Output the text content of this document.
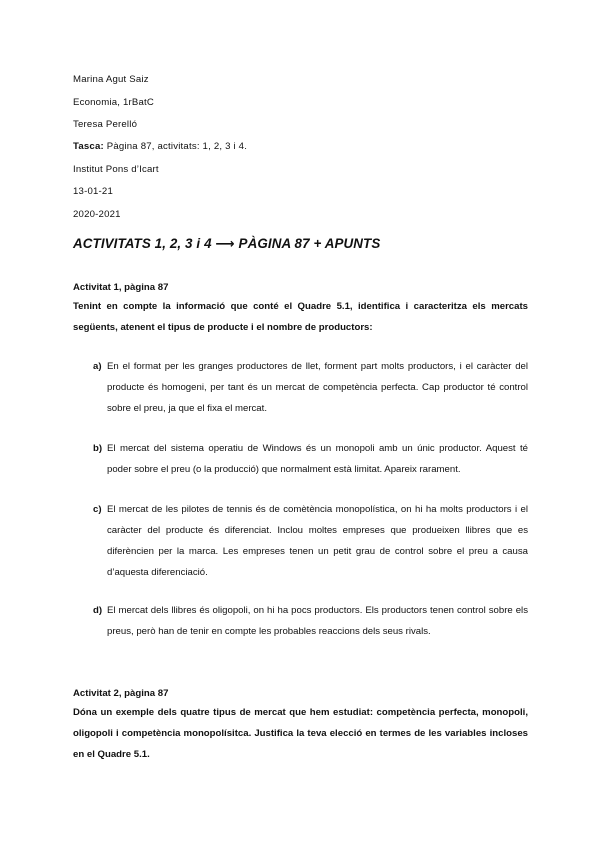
Marina Agut Saiz
Economia, 1rBatC
Teresa Perelló
Tasca: Pàgina 87, activitats: 1, 2, 3 i 4.
Institut Pons d’Icart
13-01-21
2020-2021
ACTIVITATS 1, 2, 3 i 4 ⟶ PÀGINA 87 + APUNTS
Activitat 1, pàgina 87
Tenint en compte la informació que conté el Quadre 5.1, identifica i caracteritza els mercats següents, atenent el tipus de producte i el nombre de productors:
a) En el format per les granges productores de llet, forment part molts productors, i el caràcter del producte és homogeni, per tant és un mercat de competència perfecta. Cap productor té control sobre el preu, ja que el fixa el mercat.
b) El mercat del sistema operatiu de Windows és un monopoli amb un únic productor. Aquest té poder sobre el preu (o la producció) que normalment està limitat. Apareix rarament.
c) El mercat de les pilotes de tennis és de comètència monopolística, on hi ha molts productors i el caràcter del producte és diferenciat. Inclou moltes empreses que produeixen llibres que es diferèncien per la marca. Les empreses tenen un petit grau de control sobre el preu a causa d’aquesta diferenciació.
d) El mercat dels llibres és oligopoli, on hi ha pocs productors. Els productors tenen control sobre els preus, però han de tenir en compte les probables reaccions dels seus rivals.
Activitat 2, pàgina 87
Dóna un exemple dels quatre tipus de mercat que hem estudiat: competència perfecta, monopoli, oligopoli i competència monopolísitca. Justifica la teva elecció en termes de les variables incloses en el Quadre 5.1.
